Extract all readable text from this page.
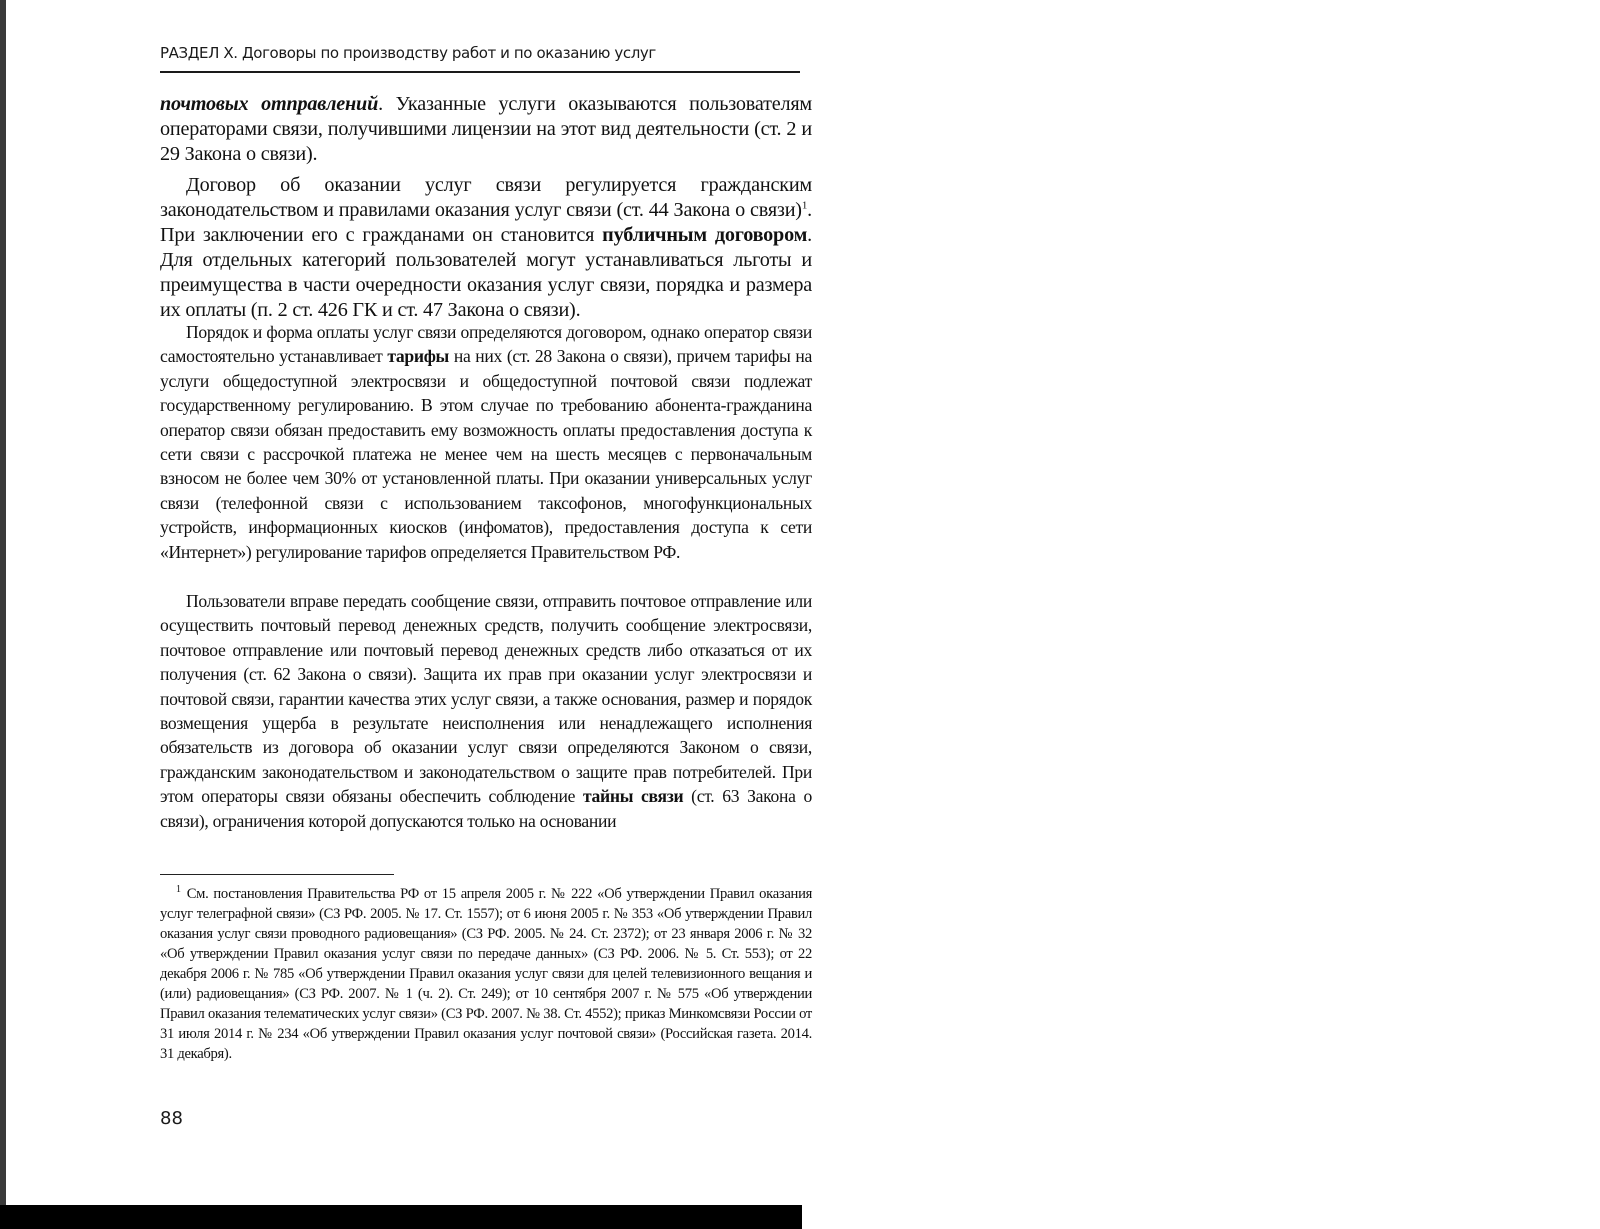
РАЗДЕЛ X. Договоры по производству работ и по оказанию услуг

почтовых отправлений. Указанные услуги оказываются пользователям операторами связи, получившими лицензии на этот вид деятельности (ст. 2 и 29 Закона о связи).

Договор об оказании услуг связи регулируется гражданским законодательством и правилами оказания услуг связи (ст. 44 Закона о связи)$^1$. При заключении его с гражданами он становится публичным договором. Для отдельных категорий пользователей могут устанавливаться льготы и преимущества в части очередности оказания услуг связи, порядка и размера их оплаты (п. 2 ст. 426 ГК и ст. 47 Закона о связи).

Порядок и форма оплаты услуг связи определяются договором, однако оператор связи самостоятельно устанавливает тарифы на них (ст. 28 Закона о связи), причем тарифы на услуги общедоступной электросвязи и общедоступной почтовой связи подлежат государственному регулированию. В этом случае по требованию абонента-гражданина оператор связи обязан предоставить ему возможность оплаты предоставления доступа к сети связи с рассрочкой платежа не менее чем на шесть месяцев с первоначальным взносом не более чем 30% от установленной платы. При оказании универсальных услуг связи (телефонной связи с использованием таксофонов, многофункциональных устройств, информационных киосков (инфоматов), предоставления доступа к сети «Интернет») регулирование тарифов определяется Правительством РФ.

Пользователи вправе передать сообщение связи, отправить почтовое отправление или осуществить почтовый перевод денежных средств, получить сообщение электросвязи, почтовое отправление или почтовый перевод денежных средств либо отказаться от их получения (ст. 62 Закона о связи). Защита их прав при оказании услуг электросвязи и почтовой связи, гарантии качества этих услуг связи, а также основания, размер и порядок возмещения ущерба в результате неисполнения или ненадлежащего исполнения обязательств из договора об оказании услуг связи определяются Законом о связи, гражданским законодательством и законодательством о защите прав потребителей. При этом операторы связи обязаны обеспечить соблюдение тайны связи (ст. 63 Закона о связи), ограничения которой допускаются только на основании

$^1$ См. постановления Правительства РФ от 15 апреля 2005 г. № 222 «Об утверждении Правил оказания услуг телеграфной связи» (СЗ РФ. 2005. № 17. Ст. 1557); от 6 июня 2005 г. № 353 «Об утверждении Правил оказания услуг связи проводного радиовещания» (СЗ РФ. 2005. № 24. Ст. 2372); от 23 января 2006 г. № 32 «Об утверждении Правил оказания услуг связи по передаче данных» (СЗ РФ. 2006. № 5. Ст. 553); от 22 декабря 2006 г. № 785 «Об утверждении Правил оказания услуг связи для целей телевизионного вещания и (или) радиовещания» (СЗ РФ. 2007. № 1 (ч. 2). Ст. 249); от 10 сентября 2007 г. № 575 «Об утверждении Правил оказания телематических услуг связи» (СЗ РФ. 2007. № 38. Ст. 4552); приказ Минкомсвязи России от 31 июля 2014 г. № 234 «Об утверждении Правил оказания услуг почтовой связи» (Российская газета. 2014. 31 декабря).
88
